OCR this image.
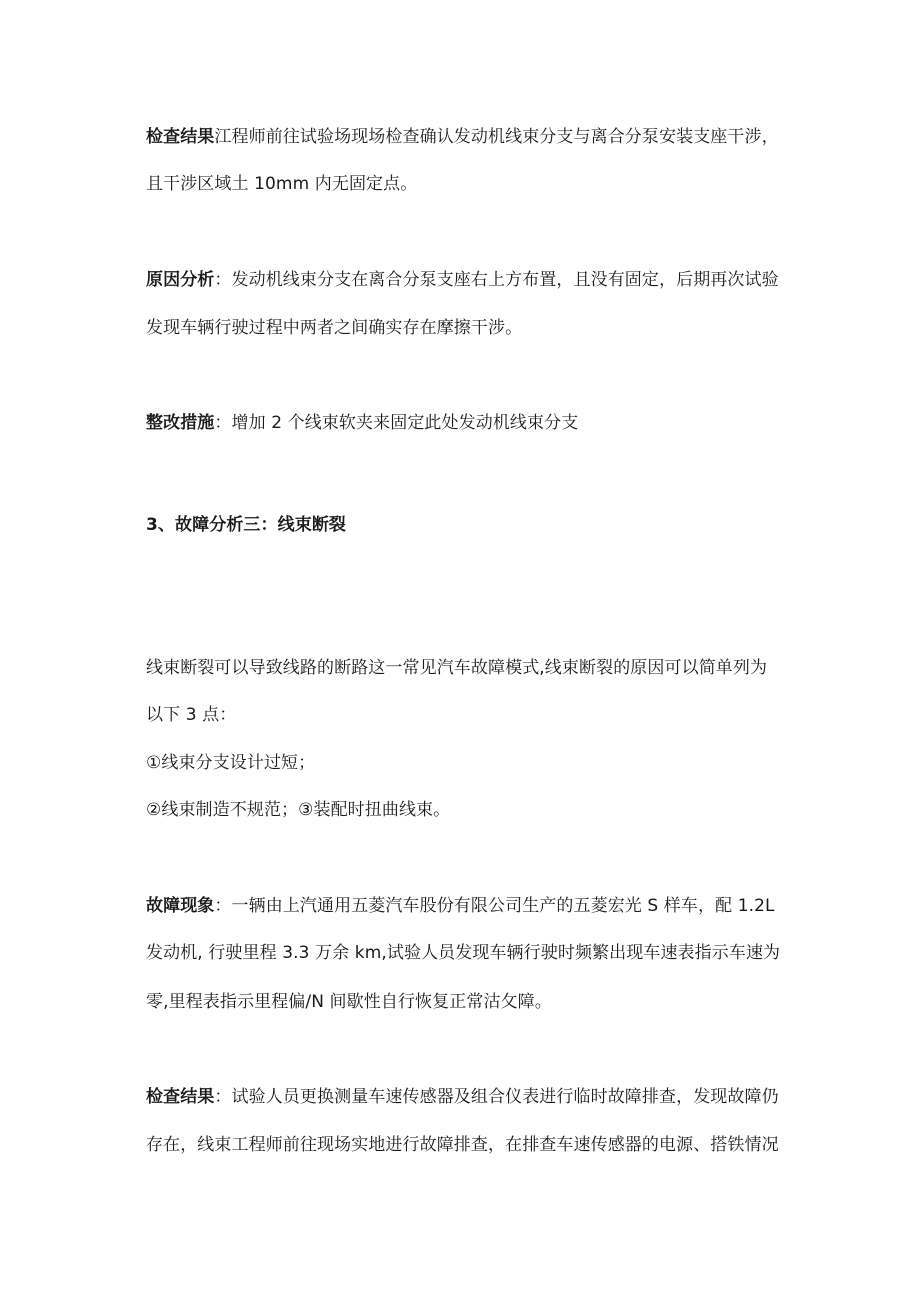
检查结果江程师前往试验场现场检查确认发动机线束分支与离合分泵安装支座干涉，
且干涉区域土 10mm 内无固定点。
原因分析：发动机线束分支在离合分泵支座右上方布置，且没有固定，后期再次试验
发现车辆行驶过程中两者之间确实存在摩擦干涉。
整改措施：增加 2 个线束软夹来固定此处发动机线束分支
3、故障分析三：线束断裂
线束断裂可以导致线路的断路这一常见汽车故障模式,线束断裂的原因可以简单列为
以下 3 点：
①线束分支设计过短；
②线束制造不规范；③装配时扭曲线束。
故障现象：一辆由上汽通用五菱汽车股份有限公司生产的五菱宏光 S 样车，配 1.2L
发动机, 行驶里程 3.3 万余 km,试验人员发现车辆行驶时频繁出现车速表指示车速为
零,里程表指示里程偏/N 间歇性自行恢复正常沽攵障。
检查结果：试验人员更换测量车速传感器及组合仪表进行临时故障排查，发现故障仍
存在，线束工程师前往现场实地进行故障排查，在排查车速传感器的电源、搭铁情况
